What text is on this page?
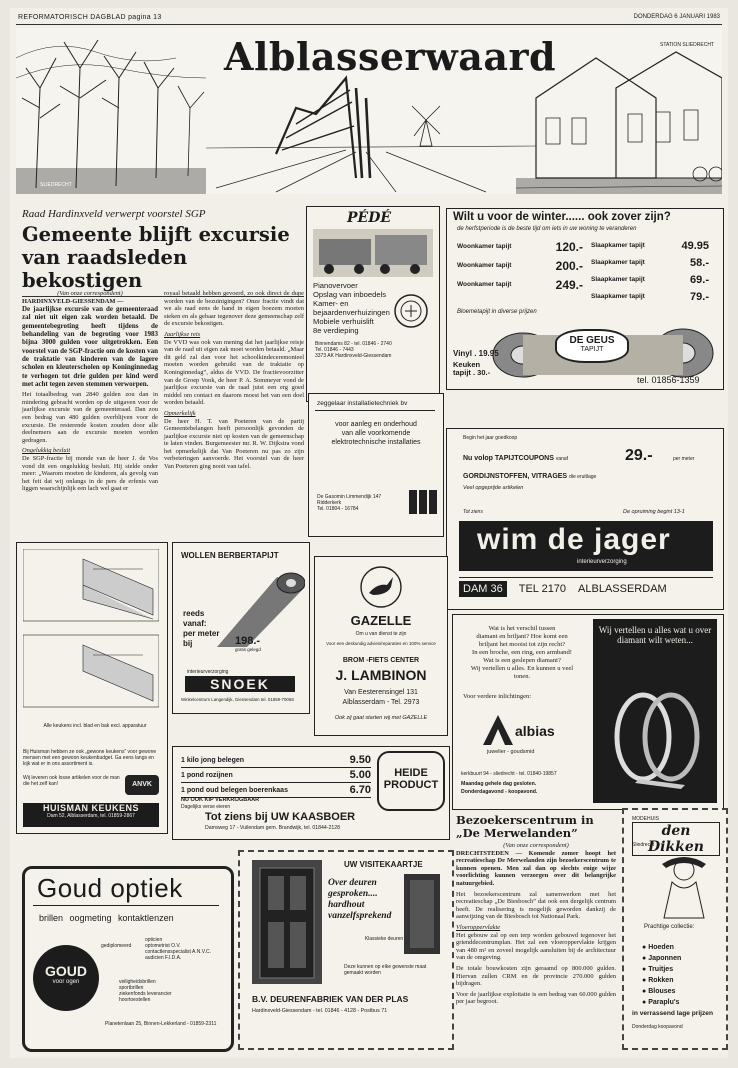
REFORMATORISCH DAGBLAD pagina 13	DONDERDAG 6 JANUARI 1983
Alblasserwaard	STATION SLIEDRECHT
SLIEDRECHT
Raad Hardinxveld verwerpt voorstel SGP
Gemeente blijft excursie van raadsleden bekostigen
(Van onze correspondent)
HARDINXVELD-GIESSENDAM —

De jaarlijkse excursie van de gemeenteraad zal niet uit eigen zak worden betaald. De gemeentebegroting heeft tijdens de behandeling van de begroting voor 1983 bijna 3000 gulden voor uitgetrokken. Een voorstel van de SGP-fractie om de kosten van de traktatie van kinderen van de lagere scholen en kleuterscholen op Koninginnedag te verhogen tot drie gulden per kind werd met acht tegen zeven stemmen verworpen.

Het totaalbedrag van 2840 gulden zou dan in mindering gebracht worden op de uitgaven voor de jaarlijkse excursie van de gemeenteraad. Dan zou een bedrag van 480 gulden overblijven voor de excursie. De resterende kosten zouden door alle deelnemers aan de excursie moeten worden gedragen.

Ongelukkig besluit

De SGP-fractie bij monde van de heer J. de Vos vond dit een ongelukkig besluit. Hij stelde onder meer: „Waarom moeten de kinderen, als gevolg van het feit dat wij onlangs in de pers de erfenis van liggen waarschijnlijk een lach wel gaat er

royaal betaald hebben gevoerd, zo ook direct de dupe worden van de bezuinigingen? Onze fractie vindt dat we als raad eens de hand in eigen boezem moeten steken en als gebaar tegenover deze gemeenschap zelf de excursie bekostigen.

Jaarlijkse reis

De VVD was ook van mening dat het jaarlijkse reisje van de raad uit eigen zak moet worden betaald. „Maar dit geld zal dan voor het schoolkindeceremonieel moeten worden gebruikt van de traktatie op Koninginnedag”, aldus de VVD. De fractievoorzitter van de Groep Vonk, de heer P. A. Sommeyer vond de jaarlijkse excursie van de raad juist een erg goed middel om contact en daarom moest het van een doel worden betaald.

Opmerkelijk

De heer H. T. van Poeteren van de partij Gemeentebelangen heeft persoonlijk gevonden de jaarlijkse excursie niet op kosten van de gemeenschap te laten vinden. Burgemeester mr. R. W. Dijkstra vond het opmerkelijk dat Van Poeteren nu pas zo zijn verbeteringen aanvoerde. Het voorstel van de heer Van Poeteren ging nooit van tafel.

PÉDÉ
Pianovervoer
Opslag van inboedels
Kamer- en
bejaardenverhuizingen
Mobiele verhuislift
8e verdieping
Binnendams 82 - tel. 01846 - 2740
Tel. 01846 - 7443
3373 AK Hardinxveld-Giessendam
Wilt u voor de winter...... ook zover zijn?
de herfstperiode is de beste tijd om iets in uw woning te veranderen
Woonkamer tapijt	120.-
Woonkamer tapijt	200.-
Woonkamer tapijt	249.-
Slaapkamer tapijt	49.95
Slaapkamer tapijt	58.-
Slaapkamer tapijt	69.-
Slaapkamer tapijt	79.-
Bloemetapijt in diverse prijzen
DE GEUS
TAPIJT
Vinyl . 19.95
Keuken tapijt . 30.-
tel. 01856-1359
zeggelaar installatietechniek bv
voor aanleg en onderhoud
van alle voorkomende
elektrotechnische installaties
De Gasomin Limmendijk 147
Ridderkerk
Tel. 01804 - 16784
Begin het jaar goedkoop
Nu volop TAPIJTCOUPONS vanaf	29.-	per meter
GORDIJNSTOFFEN, VITRAGES die eruitlage
Veel opgeprijde artikelen
Tot ziens	De opruiming begint 13-1
wim de jager
interieurverzorging
DAM 36	TEL 2170 ALBLASSERDAM
Alle keukens incl. blad en bak excl. apparatuur
Bij Huisman hebben ze ook „gewone keukens” voor gewone mensen met een gewoon keukenbudget. Ga eens langs en kijk wat er in ons assortiment is.
Wij leveren ook losse artikelen voor de man die het zelf kan!	ANVK
HUISMAN KEUKENS
Dam 52, Alblasserdam, tel. 01859-2867
WOLLEN BERBERTAPIJT
reeds
vanaf:
per meter
bij	198.-
gratis gelegd
interieurverzorging
SNOEK
Winkelcentrum Langendijk, Giessendam tel. 01859-70068
GAZELLE
Om u van dienst te zijn
Voor een deskundig advies/reparaties en 100% service
BROM -FIETS CENTER
J. LAMBINON
Van Eesterensingel 131
Alblasserdam - Tel. 2973
Ook zij gaat starten wij met GAZELLE
Wat is het verschil tussen
diamant en briljant? Hoe komt een
briljant het mooist tot zijn recht?
In een broche, een ring, een armband!
Wat is een geslepen diamant?
Wij vertellen u alles. En kunnen u veel tonen.
Voor verdere inlichtingen:
albias
juwelier - goudsmid
kerkbuurt 94 - sliedrecht - tel. 01840-19857
Maandag gehele dag gesloten.
Donderdagavond - koopavond.
Wij vertellen u alles wat u over diamant wilt weten...
1 kilo jong belegen	9.50
1 pond rozijnen	5.00
1 pond oud belegen boerenkaas	6.70
NU OOK KIP VERKRIJGBAAR
Dagelijks verse eieren
HEIDE PRODUCT
Tot ziens bij UW KAASBOER
Damsweg 17 - Vuilendam gem. Brandwijk, tel. 01844-2128
Goud optiek
brillen oogmeting kontaktlenzen
gediplomeerd
opticien
optometrist O.V.
contactlensspecialist A.N.V.C.
audicien F.I.D.A.
veiligheidsbrillen
sportbrillen
ziekenfonds leverancier
hoortoestellen
GOUD
voor ogen
Planetenlaan 25, Binnen-Lekkerland - 01859-2311
UW VISITEKAARTJE
Over deuren gesproken.... hardhout vanzelfsprekend
Klassieke deuren
Deze kunnen op elke gewenste maat gemaakt worden
B.V. DEURENFABRIEK VAN DER PLAS
Hardinxveld-Giessendam - tel. 01846 - 4128 - Postbus 71
Bezoekerscentrum in „De Merwelanden”
(Van onze correspondent)

DRECHTSTEDEN — Komende zomer hoopt het recreatieschap De Merwelanden zijn bezoekerscentrum te kunnen openen. Men zal dan op slechts enige wijze voorlichting kunnen verzorgen over dit belangrijke natuurgebied.

Het bezoekerscentrum zal samenwerken met het recreatieschap „De Biesbosch” dat ook een dergelijk centrum heeft. De realisering is mogelijk geworden dankzij de aanwijzing van de Biesbosch tot Nationaal Park.

Vloeroppervlakte

Het gebouw zal op een terp worden gebouwd tegenover het grienddecentrumplan. Het zal een vloeroppervlakte krijgen van 480 m² en zoveel mogelijk aansluiten bij de architectuur van de omgeving.

De totale bouwkosten zijn geraamd op 800.000 gulden. Hiervan zullen CRM en de provincie 270.000 gulden bijdragen.

Voor de jaarlijkse exploitatie is een bedrag van 60.000 gulden per jaar begroot.

MODEHUIS
den Dikken
Sliedrecht
Prachtige collectie:
● Hoeden
● Japonnen
● Truitjes
● Rokken
● Blouses
● Paraplu's
in verrassend lage prijzen
Donderdag koopavond
